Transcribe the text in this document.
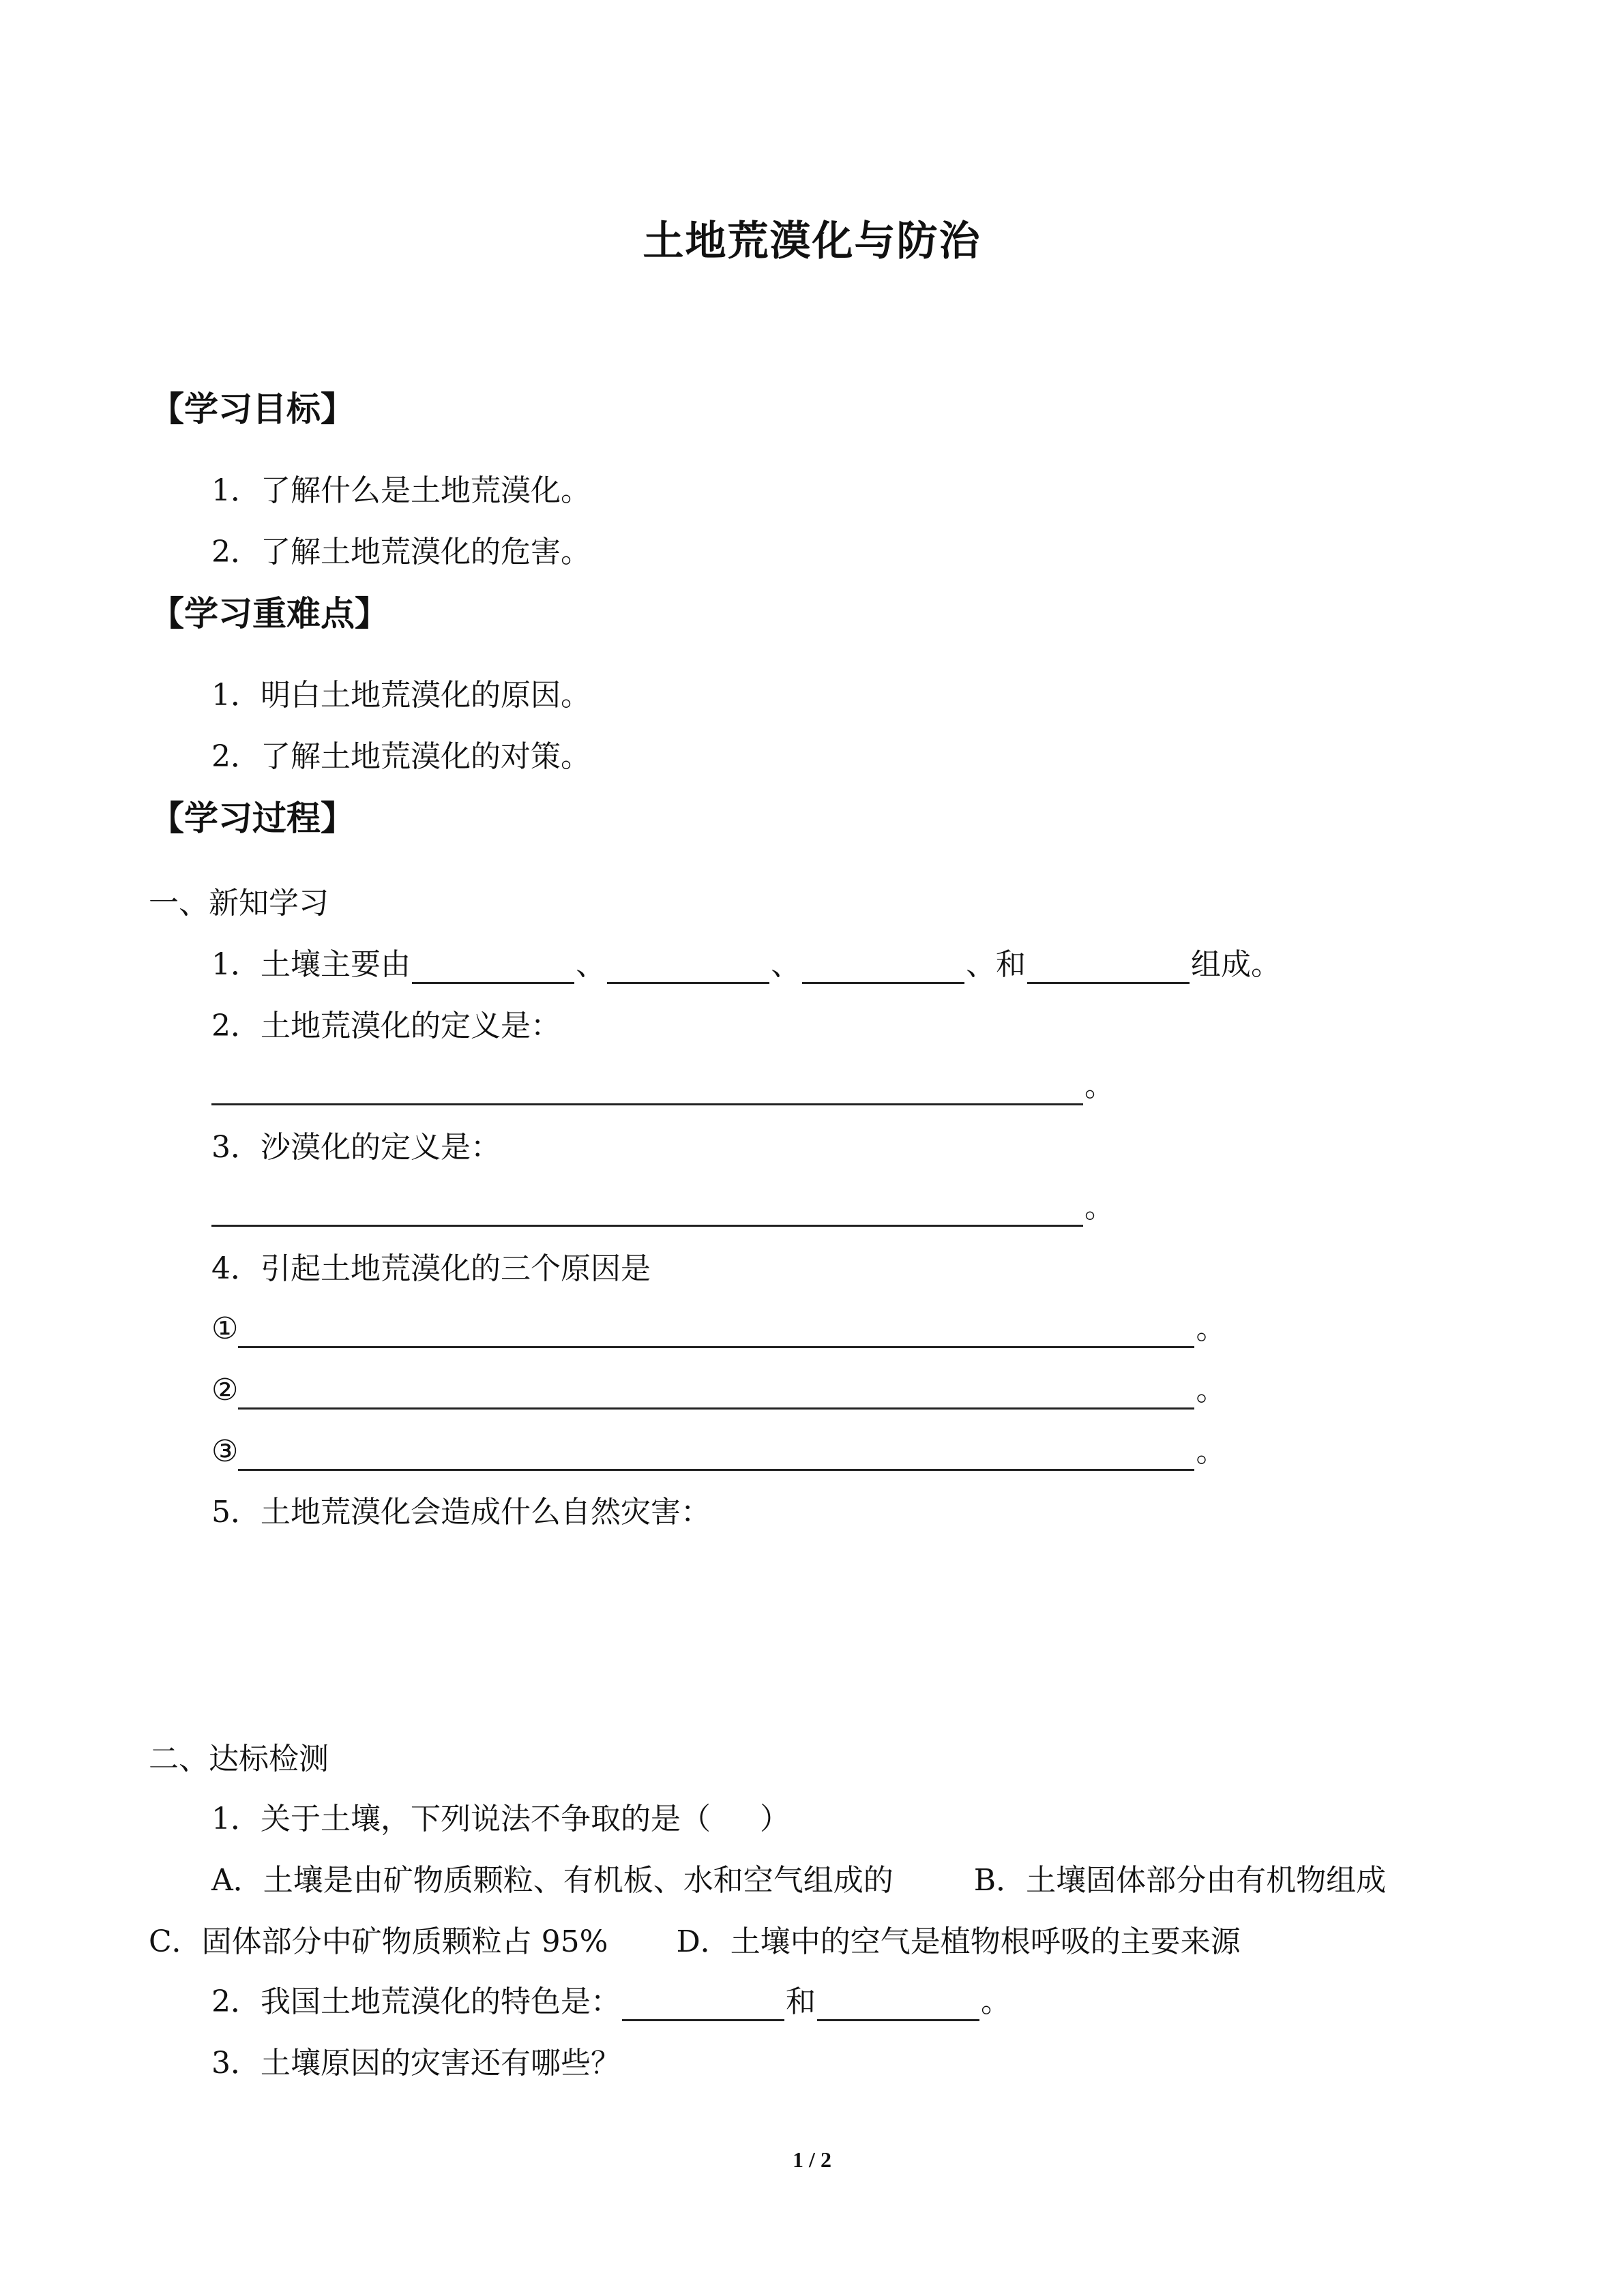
土地荒漠化与防治
【学习目标】
1．了解什么是土地荒漠化。
2．了解土地荒漠化的危害。
【学习重难点】
1．明白土地荒漠化的原因。
2．了解土地荒漠化的对策。
【学习过程】
一、新知学习
1．土壤主要由	、	、	、和	组成。
2．土地荒漠化的定义是：
。
3．沙漠化的定义是：
。
4．引起土地荒漠化的三个原因是
①	。
②	。
③	。
5．土地荒漠化会造成什么自然灾害：
二、达标检测
1．关于土壤，下列说法不争取的是（ ）
A．土壤是由矿物质颗粒、有机板、水和空气组成的	B．土壤固体部分由有机物组成
C．固体部分中矿物质颗粒占 95% D．土壤中的空气是植物根呼吸的主要来源
2．我国土地荒漠化的特色是：	和	。
3．土壤原因的灾害还有哪些？
1 / 2
